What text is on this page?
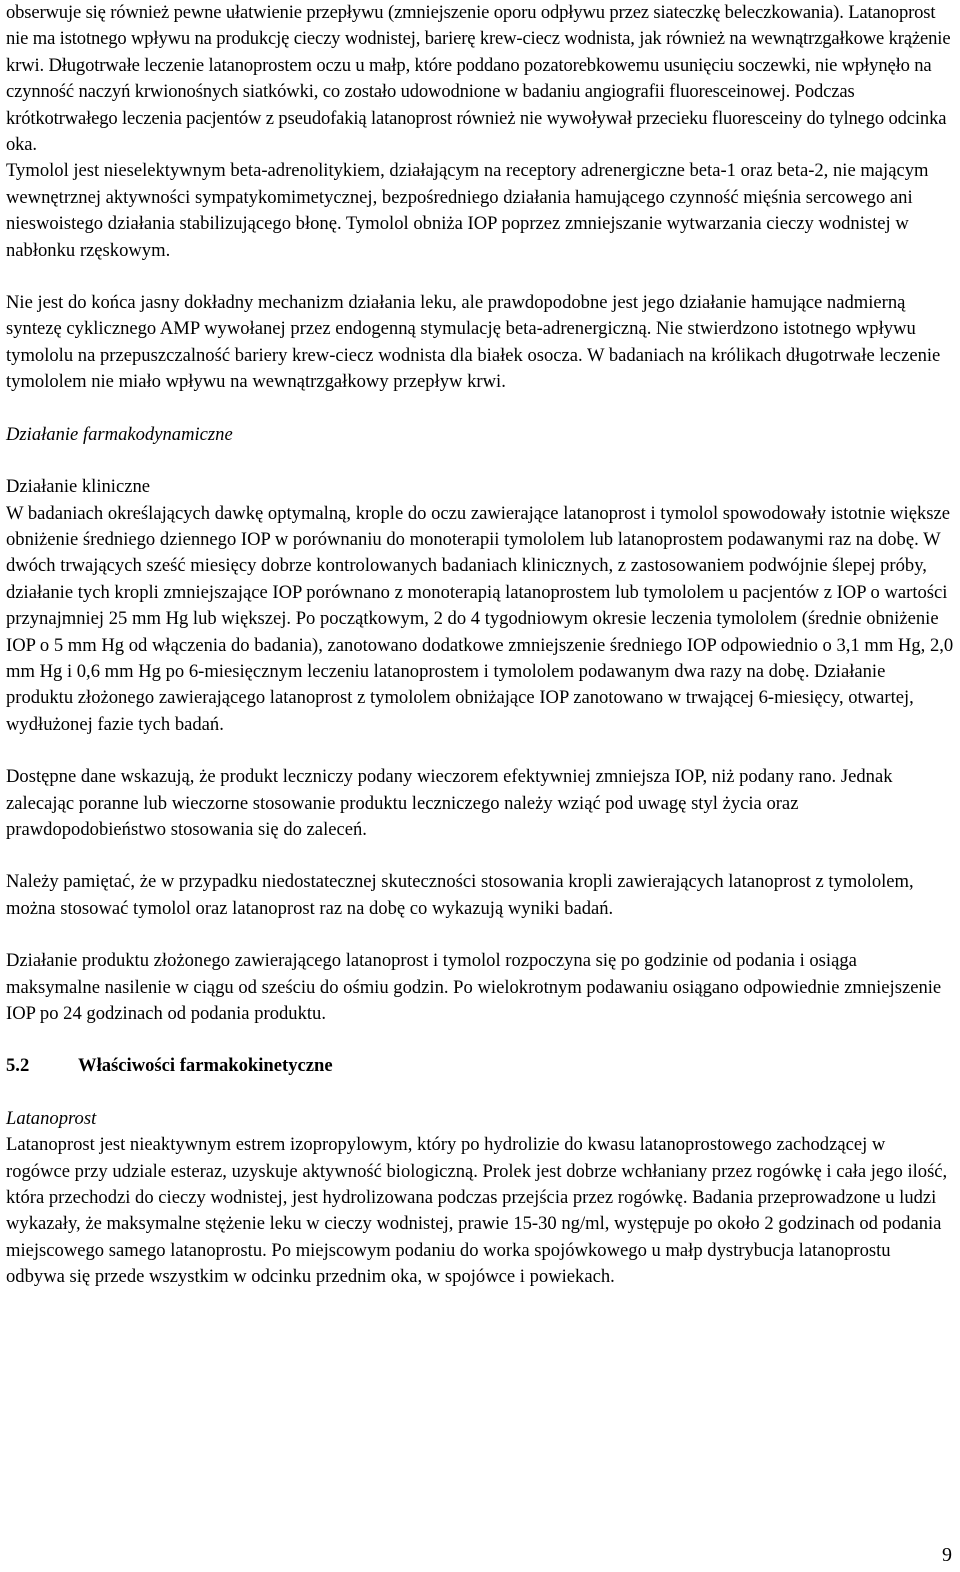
obserwuje się również pewne ułatwienie przepływu (zmniejszenie oporu odpływu przez siateczkę beleczkowania). Latanoprost nie ma istotnego wpływu na produkcję cieczy wodnistej, barierę krew-ciecz wodnista, jak również na wewnątrzgałkowe krążenie krwi. Długotrwałe leczenie latanoprostem oczu u małp, które poddano pozatorebkowemu usunięciu soczewki, nie wpłynęło na czynność naczyń krwionośnych siatkówki, co zostało udowodnione w badaniu angiografii fluoresceinowej. Podczas krótkotrwałego leczenia pacjentów z pseudofakią latanoprost również nie wywoływał przecieku fluoresceiny do tylnego odcinka oka.

Tymolol jest nieselektywnym beta-adrenolitykiem, działającym na receptory adrenergiczne beta-1 oraz beta-2, nie mającym wewnętrznej aktywności sympatykomimetycznej, bezpośredniego działania hamującego czynność mięśnia sercowego ani nieswoistego działania stabilizującego błonę. Tymolol obniża IOP poprzez zmniejszanie wytwarzania cieczy wodnistej w nabłonku rzęskowym.

Nie jest do końca jasny dokładny mechanizm działania leku, ale prawdopodobne jest jego działanie hamujące nadmierną syntezę cyklicznego AMP wywołanej przez endogenną stymulację beta-adrenergiczną. Nie stwierdzono istotnego wpływu tymololu na przepuszczalność bariery krew-ciecz wodnista dla białek osocza. W badaniach na królikach długotrwałe leczenie tymololem nie miało wpływu na wewnątrzgałkowy przepływ krwi.

Działanie farmakodynamiczne

Działanie kliniczne

W badaniach określających dawkę optymalną, krople do oczu zawierające latanoprost i tymolol spowodowały istotnie większe obniżenie średniego dziennego IOP w porównaniu do monoterapii tymololem lub latanoprostem podawanymi raz na dobę. W dwóch trwających sześć miesięcy dobrze kontrolowanych badaniach klinicznych, z zastosowaniem podwójnie ślepej próby, działanie tych kropli zmniejszające IOP porównano z monoterapią latanoprostem lub tymololem u pacjentów z IOP o wartości przynajmniej 25 mm Hg lub większej. Po początkowym, 2 do 4 tygodniowym okresie leczenia tymololem (średnie obniżenie IOP o 5 mm Hg od włączenia do badania), zanotowano dodatkowe zmniejszenie średniego IOP odpowiednio o 3,1 mm Hg, 2,0 mm Hg i 0,6 mm Hg po 6-miesięcznym leczeniu latanoprostem i tymololem podawanym dwa razy na dobę. Działanie produktu złożonego zawierającego latanoprost z tymololem obniżające IOP zanotowano w trwającej 6-miesięcy, otwartej, wydłużonej fazie tych badań.

Dostępne dane wskazują, że produkt leczniczy podany wieczorem efektywniej zmniejsza IOP, niż podany rano. Jednak zalecając poranne lub wieczorne stosowanie produktu leczniczego należy wziąć pod uwagę styl życia oraz prawdopodobieństwo stosowania się do zaleceń.

Należy pamiętać, że w przypadku niedostatecznej skuteczności stosowania kropli zawierających latanoprost z tymololem, można stosować tymolol oraz latanoprost raz na dobę co wykazują wyniki badań.

Działanie produktu złożonego zawierającego latanoprost i tymolol rozpoczyna się po godzinie od podania i osiąga maksymalne nasilenie w ciągu od sześciu do ośmiu godzin. Po wielokrotnym podawaniu osiągano odpowiednie zmniejszenie IOP po 24 godzinach od podania produktu.

5.2	Właściwości farmakokinetyczne

Latanoprost

Latanoprost jest nieaktywnym estrem izopropylowym, który po hydrolizie do kwasu latanoprostowego zachodzącej w rogówce przy udziale esteraz, uzyskuje aktywność biologiczną. Prolek jest dobrze wchłaniany przez rogówkę i cała jego ilość, która przechodzi do cieczy wodnistej, jest hydrolizowana podczas przejścia przez rogówkę. Badania przeprowadzone u ludzi wykazały, że maksymalne stężenie leku w cieczy wodnistej, prawie 15-30 ng/ml, występuje po około 2 godzinach od podania miejscowego samego latanoprostu. Po miejscowym podaniu do worka spojówkowego u małp dystrybucja latanoprostu odbywa się przede wszystkim w odcinku przednim oka, w spojówce i powiekach.

9
